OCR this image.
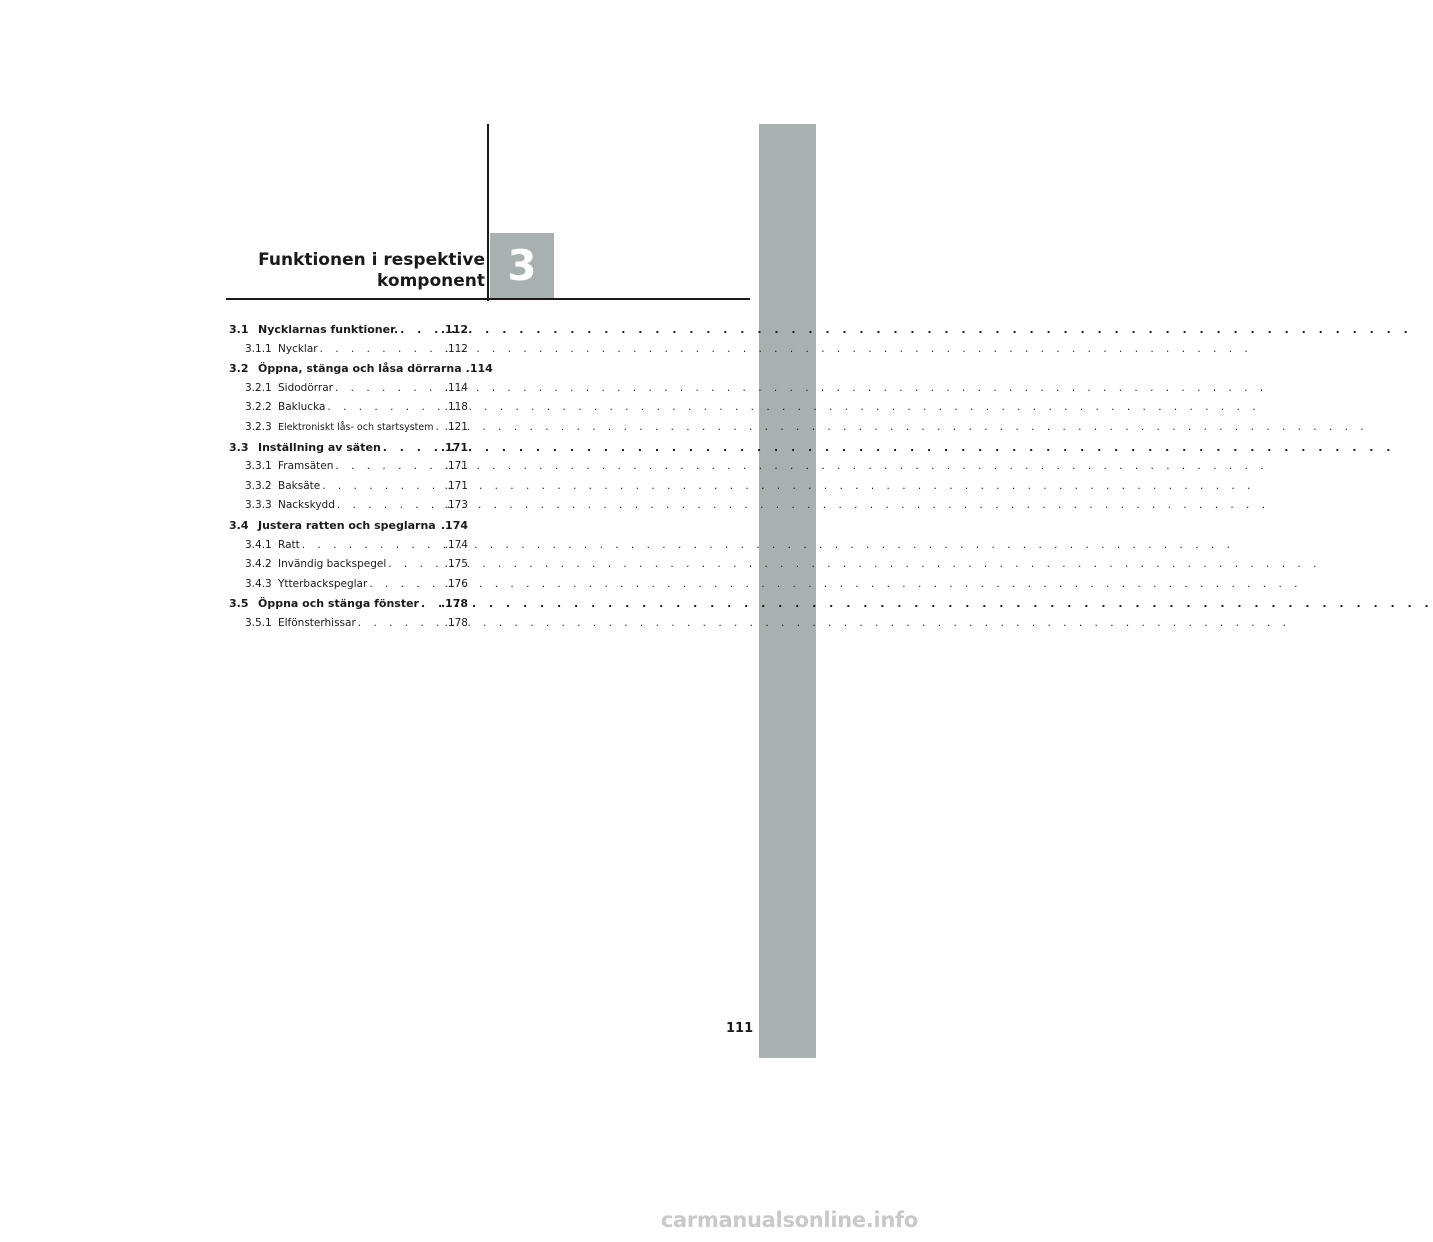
Funktionen i respektive
komponent 3
3.1 Nycklarnas funktioner. . . .	.112
3.1.1 Nycklar . . .	.112
3.2 Öppna, stänga och låsa dörrarna .114
3.2.1 Sidodörrar . . .	.114
3.2.2 Baklucka . . .	.118
3.2.3 Elektroniskt lås- och startsystem . . . .121
3.3 Inställning av säten . . .	.171
3.3.1 Framsäten . . .	.171
3.3.2 Baksäte . . .	.171
3.3.3 Nackskydd . . .	.173
3.4 Justera ratten och speglarna . . . .174
3.4.1 Ratt . . .	.174
3.4.2 Invändig backspegel . . .	.175
3.4.3 Ytterbackspeglar . . .	.176
3.5 Öppna och stänga fönster . . . .178
3.5.1 Elfönsterhissar . . .	.178
111
carmanualsonline.info
